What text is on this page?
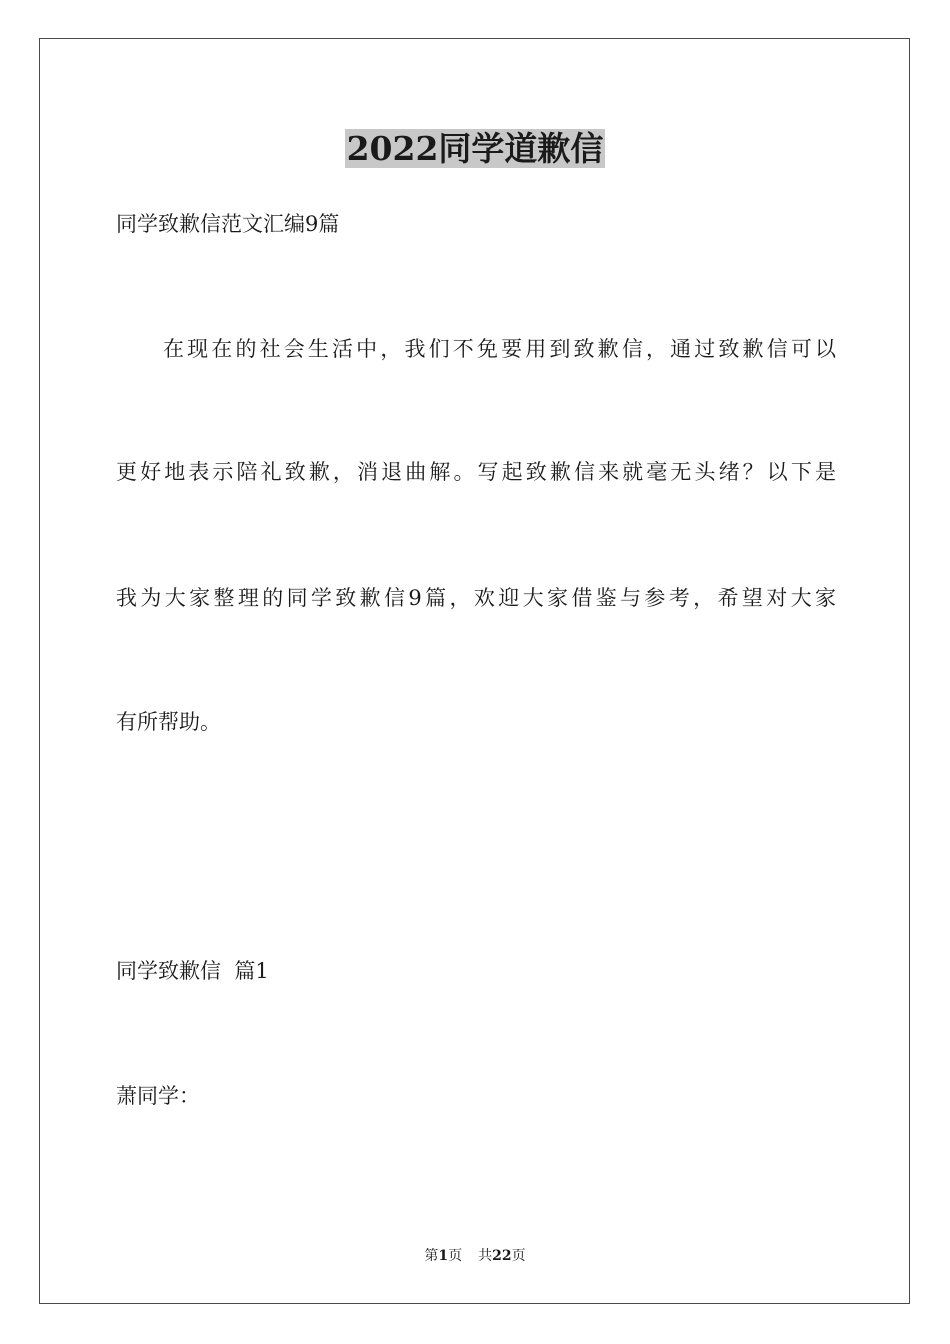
2022同学道歉信

同学致歉信范文汇编9篇

在现在的社会生活中，我们不免要用到致歉信，通过致歉信可以

更好地表示陪礼致歉，消退曲解。写起致歉信来就毫无头绪？以下是

我为大家整理的同学致歉信9篇，欢迎大家借鉴与参考，希望对大家

有所帮助。

同学致歉信  篇1

萧同学：

第1页 共22页
